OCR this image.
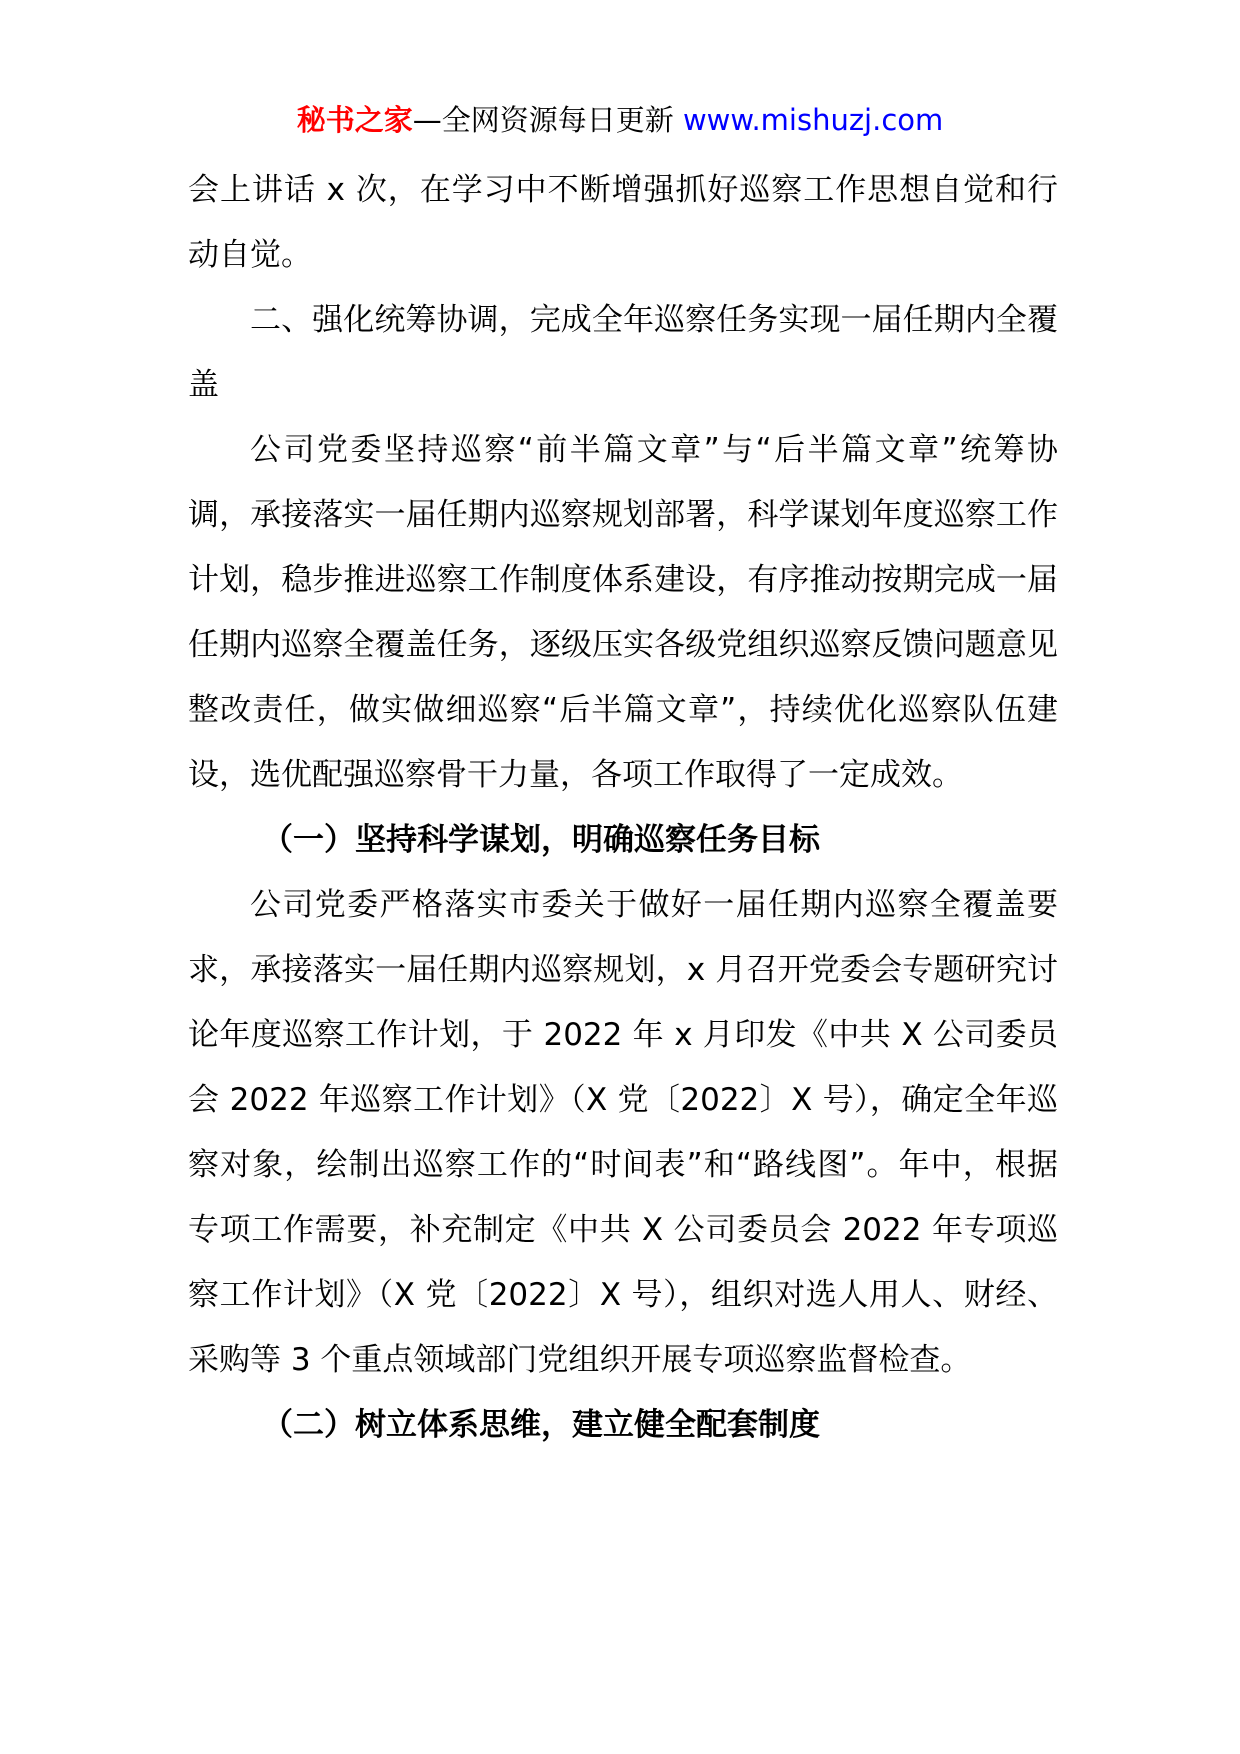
秘书之家—全网资源每日更新 www.mishuzj.com

会上讲话 x 次，在学习中不断增强抓好巡察工作思想自觉和行动自觉。

二、强化统筹协调，完成全年巡察任务实现一届任期内全覆盖

公司党委坚持巡察“前半篇文章”与“后半篇文章”统筹协调，承接落实一届任期内巡察规划部署，科学谋划年度巡察工作计划，稳步推进巡察工作制度体系建设，有序推动按期完成一届任期内巡察全覆盖任务，逐级压实各级党组织巡察反馈问题意见整改责任，做实做细巡察“后半篇文章”，持续优化巡察队伍建设，选优配强巡察骨干力量，各项工作取得了一定成效。

（一）坚持科学谋划，明确巡察任务目标

公司党委严格落实市委关于做好一届任期内巡察全覆盖要求，承接落实一届任期内巡察规划，x 月召开党委会专题研究讨论年度巡察工作计划，于 2022 年 x 月印发《中共 X 公司委员会 2022 年巡察工作计划》（X 党〔2022〕X 号），确定全年巡察对象，绘制出巡察工作的“时间表”和“路线图”。年中，根据专项工作需要，补充制定《中共 X 公司委员会 2022 年专项巡察工作计划》（X 党〔2022〕X 号），组织对选人用人、财经、采购等 3 个重点领域部门党组织开展专项巡察监督检查。

（二）树立体系思维，建立健全配套制度
